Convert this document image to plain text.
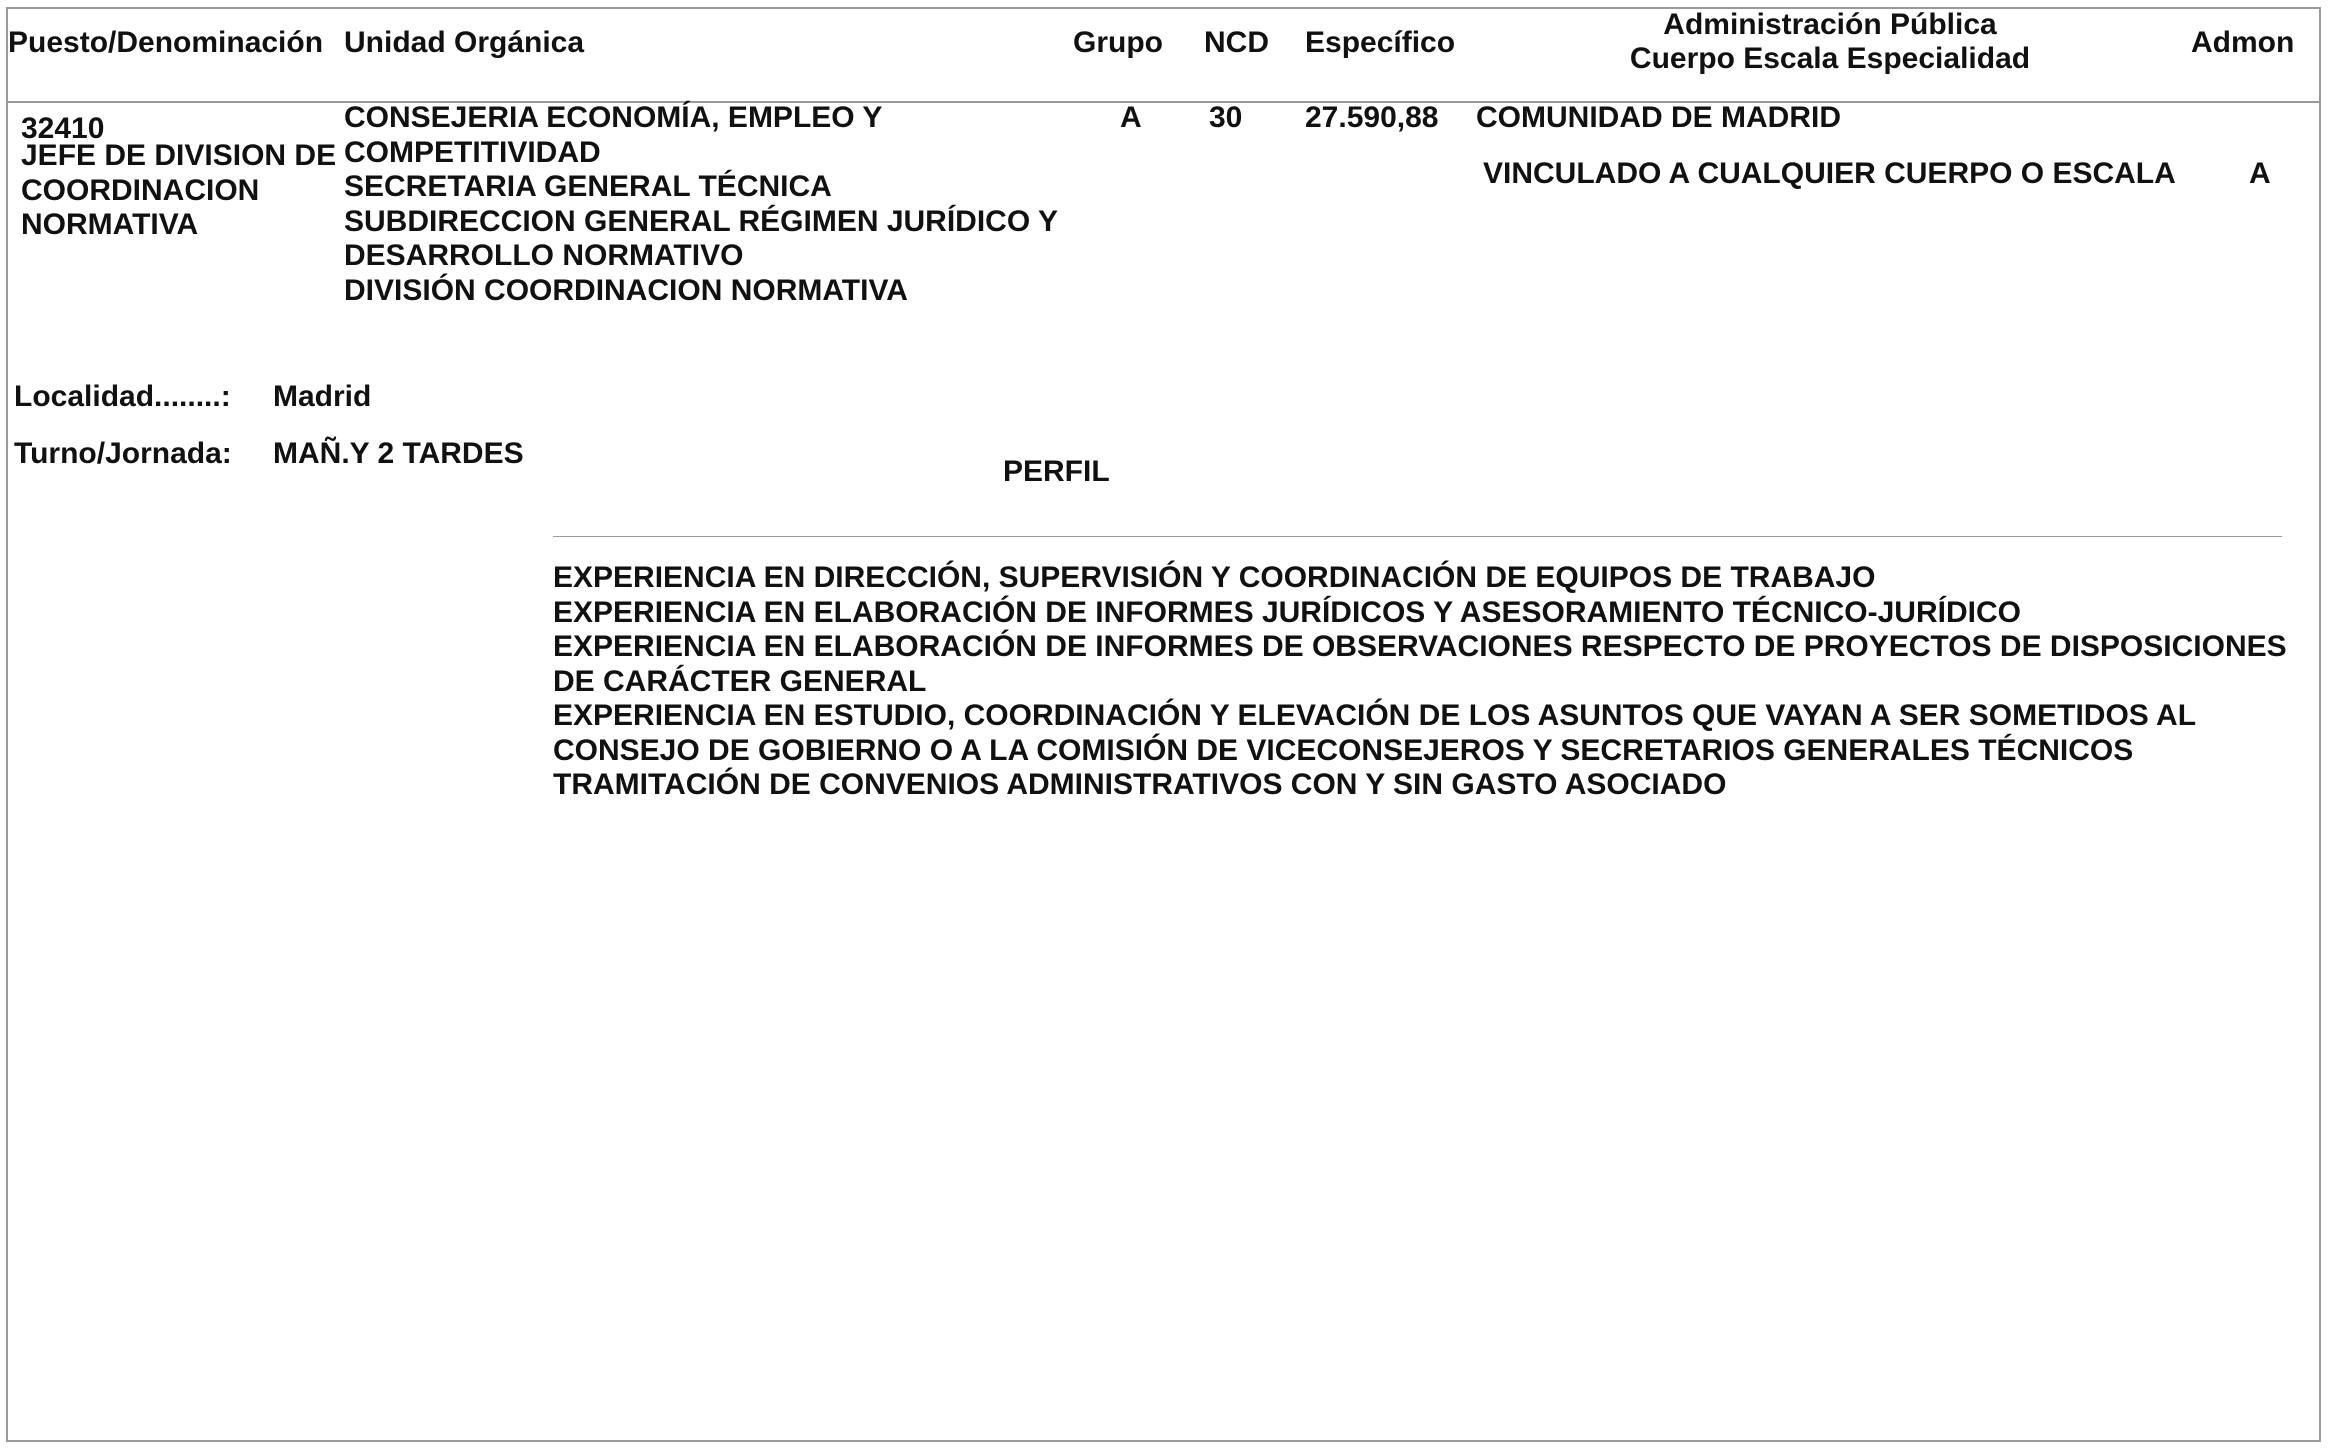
Puesto/Denominación Unidad Orgánica	Grupo NCD Específico
Administración Pública
Cuerpo Escala Especialidad	Admon
32410
JEFE DE DIVISION DE
COORDINACION
NORMATIVA
CONSEJERIA ECONOMÍA, EMPLEO Y
COMPETITIVIDAD
SECRETARIA GENERAL TÉCNICA
SUBDIRECCION GENERAL RÉGIMEN JURÍDICO Y
DESARROLLO NORMATIVO
DIVISIÓN COORDINACION NORMATIVA
A 30 27.590,88 COMUNIDAD DE MADRID
VINCULADO A CUALQUIER CUERPO O ESCALA A
Localidad........: Madrid
Turno/Jornada: MAÑ.Y 2 TARDES
PERFIL
EXPERIENCIA EN DIRECCIÓN, SUPERVISIÓN Y COORDINACIÓN DE EQUIPOS DE TRABAJO
EXPERIENCIA EN ELABORACIÓN DE INFORMES JURÍDICOS Y ASESORAMIENTO TÉCNICO-JURÍDICO
EXPERIENCIA EN ELABORACIÓN DE INFORMES DE OBSERVACIONES RESPECTO DE PROYECTOS DE DISPOSICIONES
DE CARÁCTER GENERAL
EXPERIENCIA EN ESTUDIO, COORDINACIÓN Y ELEVACIÓN DE LOS ASUNTOS QUE VAYAN A SER SOMETIDOS AL
CONSEJO DE GOBIERNO O A LA COMISIÓN DE VICECONSEJEROS Y SECRETARIOS GENERALES TÉCNICOS
TRAMITACIÓN DE CONVENIOS ADMINISTRATIVOS CON Y SIN GASTO ASOCIADO
